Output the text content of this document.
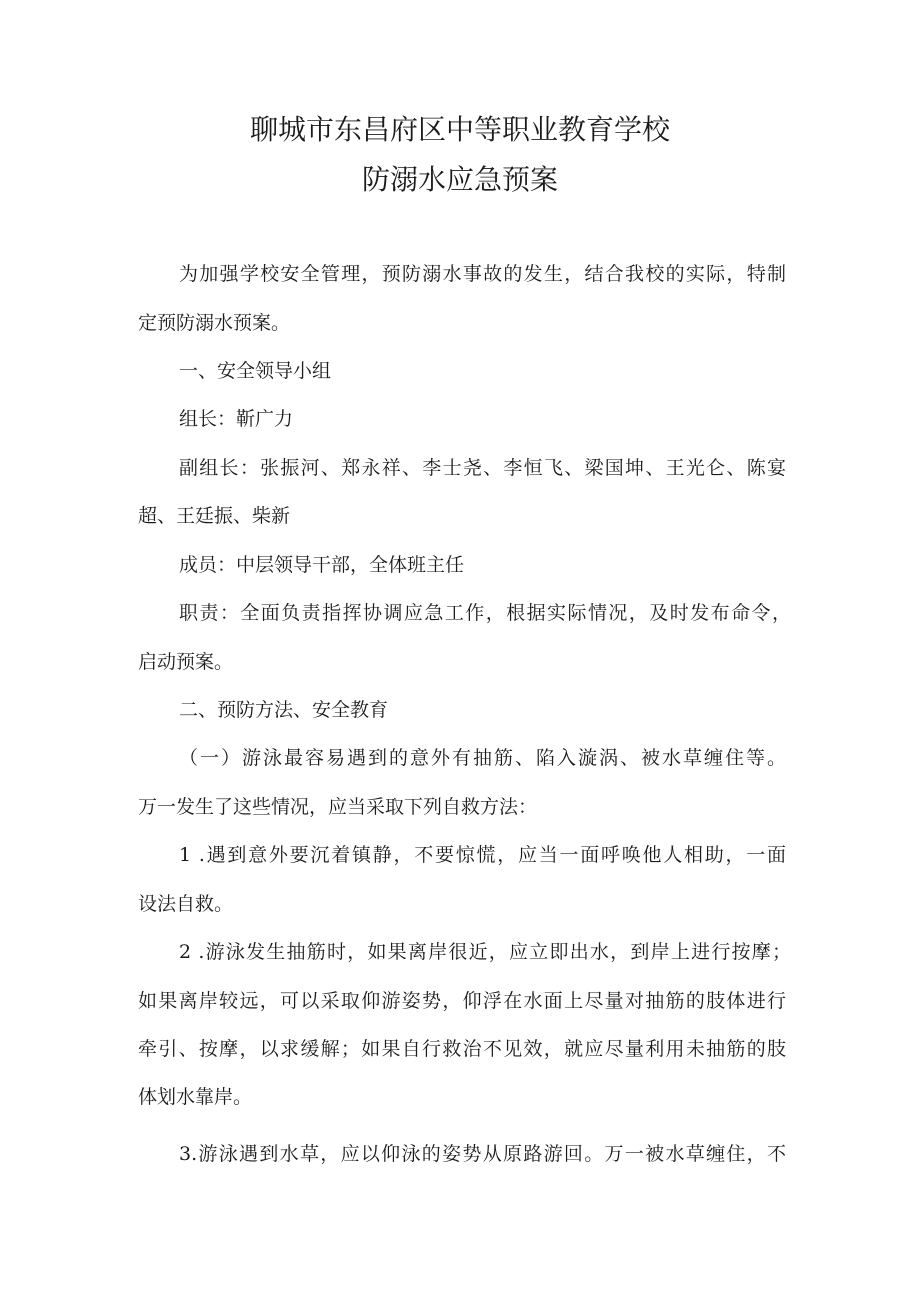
聊城市东昌府区中等职业教育学校
防溺水应急预案
为加强学校安全管理，预防溺水事故的发生，结合我校的实际，特制
定预防溺水预案。
一、安全领导小组
组长：靳广力
副组长：张振河、郑永祥、李士尧、李恒飞、梁国坤、王光仑、陈宴
超、王廷振、柴新
成员：中层领导干部，全体班主任
职责：全面负责指挥协调应急工作，根据实际情况，及时发布命令，
启动预案。
二、预防方法、安全教育
（一）游泳最容易遇到的意外有抽筋、陷入漩涡、被水草缠住等。
万一发生了这些情况，应当采取下列自救方法：
1 .遇到意外要沉着镇静，不要惊慌，应当一面呼唤他人相助，一面
设法自救。
2 .游泳发生抽筋时，如果离岸很近，应立即出水，到岸上进行按摩；
如果离岸较远，可以采取仰游姿势，仰浮在水面上尽量对抽筋的肢体进行
牵引、按摩，以求缓解；如果自行救治不见效，就应尽量利用未抽筋的肢
体划水靠岸。
3.游泳遇到水草，应以仰泳的姿势从原路游回。万一被水草缠住，不
